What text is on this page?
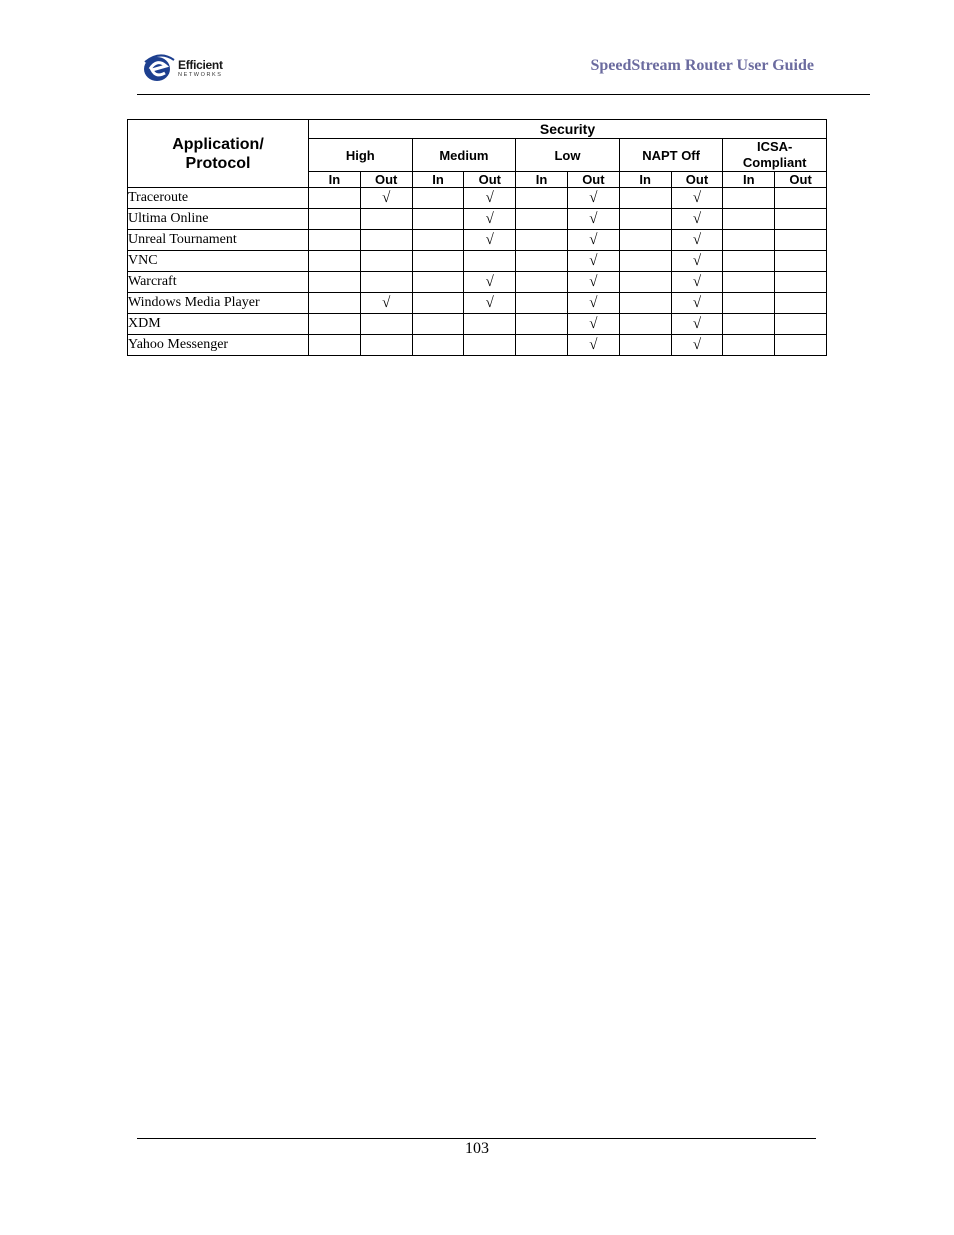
Efficient
NETWORKS
SpeedStream Router User Guide
Application/
Protocol	Security									
	High		Medium		Low		NAPT Off		ICSA-
Compliant	
	In	Out	In	Out	In	Out	In	Out	In	Out
Traceroute		√		√		√		√		
Ultima Online				√		√		√		
Unreal Tournament				√		√		√		
VNC						√		√		
Warcraft				√		√		√		
Windows Media Player		√		√		√		√		
XDM						√		√		
Yahoo Messenger						√		√		
103
